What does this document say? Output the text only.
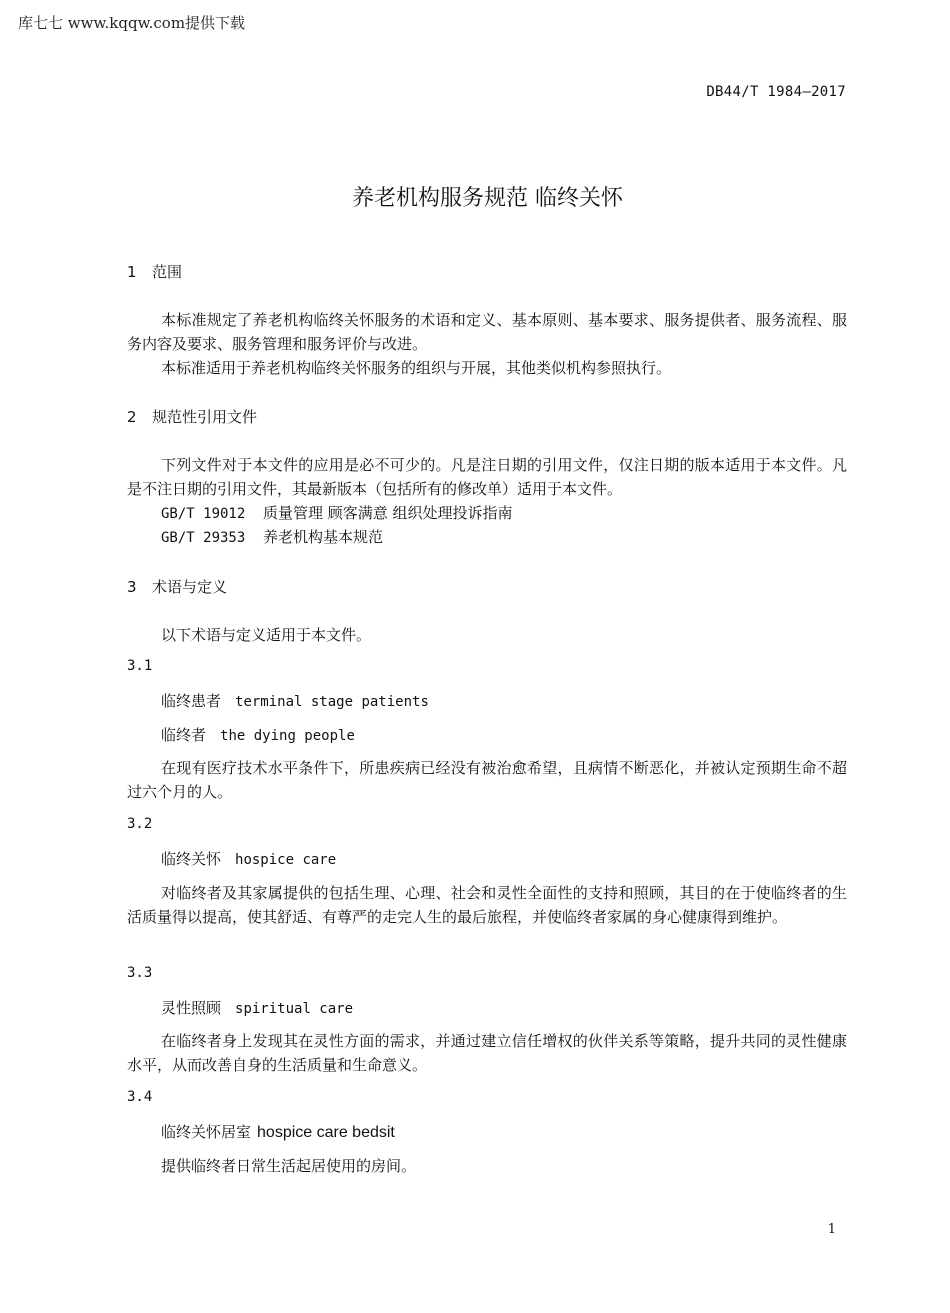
库七七 www.kqqw.com提供下载
DB44/T 1984—2017
养老机构服务规范 临终关怀
1 范围
本标准规定了养老机构临终关怀服务的术语和定义、基本原则、基本要求、服务提供者、服务流程、服务内容及要求、服务管理和服务评价与改进。
本标准适用于养老机构临终关怀服务的组织与开展，其他类似机构参照执行。
2 规范性引用文件
下列文件对于本文件的应用是必不可少的。凡是注日期的引用文件，仅注日期的版本适用于本文件。凡是不注日期的引用文件，其最新版本（包括所有的修改单）适用于本文件。
GB/T 19012 质量管理 顾客满意 组织处理投诉指南
GB/T 29353 养老机构基本规范
3 术语与定义
以下术语与定义适用于本文件。
3.1
临终患者 terminal stage patients
临终者 the dying people
在现有医疗技术水平条件下，所患疾病已经没有被治愈希望，且病情不断恶化，并被认定预期生命不超过六个月的人。
3.2
临终关怀 hospice care
对临终者及其家属提供的包括生理、心理、社会和灵性全面性的支持和照顾，其目的在于使临终者的生活质量得以提高，使其舒适、有尊严的走完人生的最后旅程，并使临终者家属的身心健康得到维护。
3.3
灵性照顾 spiritual care
在临终者身上发现其在灵性方面的需求，并通过建立信任增权的伙伴关系等策略，提升共同的灵性健康水平，从而改善自身的生活质量和生命意义。
3.4
临终关怀居室 hospice care bedsit
提供临终者日常生活起居使用的房间。
1
